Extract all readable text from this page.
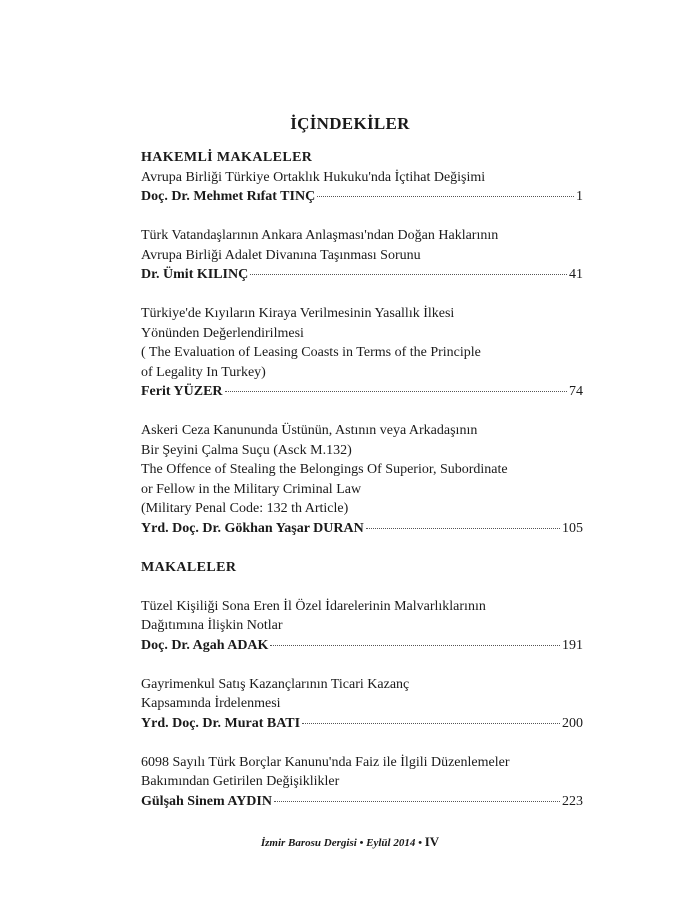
İÇİNDEKİLER
HAKEMLİ MAKALELER
Avrupa Birliği Türkiye Ortaklık Hukuku'nda İçtihat Değişimi
Doç. Dr. Mehmet Rıfat TINÇ	1
Türk Vatandaşlarının Ankara Anlaşması'ndan Doğan Haklarının
Avrupa Birliği Adalet Divanına Taşınması Sorunu
Dr. Ümit KILINÇ	41
Türkiye'de Kıyıların Kiraya Verilmesinin Yasallık İlkesi
Yönünden Değerlendirilmesi
( The Evaluation of Leasing Coasts in Terms of the Principle
of Legality In Turkey)
Ferit YÜZER	74
Askeri Ceza Kanununda Üstünün, Astının veya Arkadaşının
Bir Şeyini Çalma Suçu (Asck M.132)
The Offence of Stealing the Belongings Of Superior, Subordinate
or Fellow in the Military Criminal Law
(Military Penal Code: 132 th Article)
Yrd. Doç. Dr. Gökhan Yaşar DURAN	105
MAKALELER
Tüzel Kişiliği Sona Eren İl Özel İdarelerinin Malvarlıklarının
Dağıtımına İlişkin Notlar
Doç. Dr. Agah ADAK	191
Gayrimenkul Satış Kazançlarının Ticari Kazanç
Kapsamında İrdelenmesi
Yrd. Doç. Dr. Murat BATI	200
6098 Sayılı Türk Borçlar Kanunu'nda Faiz ile İlgili Düzenlemeler
Bakımından Getirilen Değişiklikler
Gülşah Sinem AYDIN	223
İzmir Barosu Dergisi • Eylül 2014 • IV
